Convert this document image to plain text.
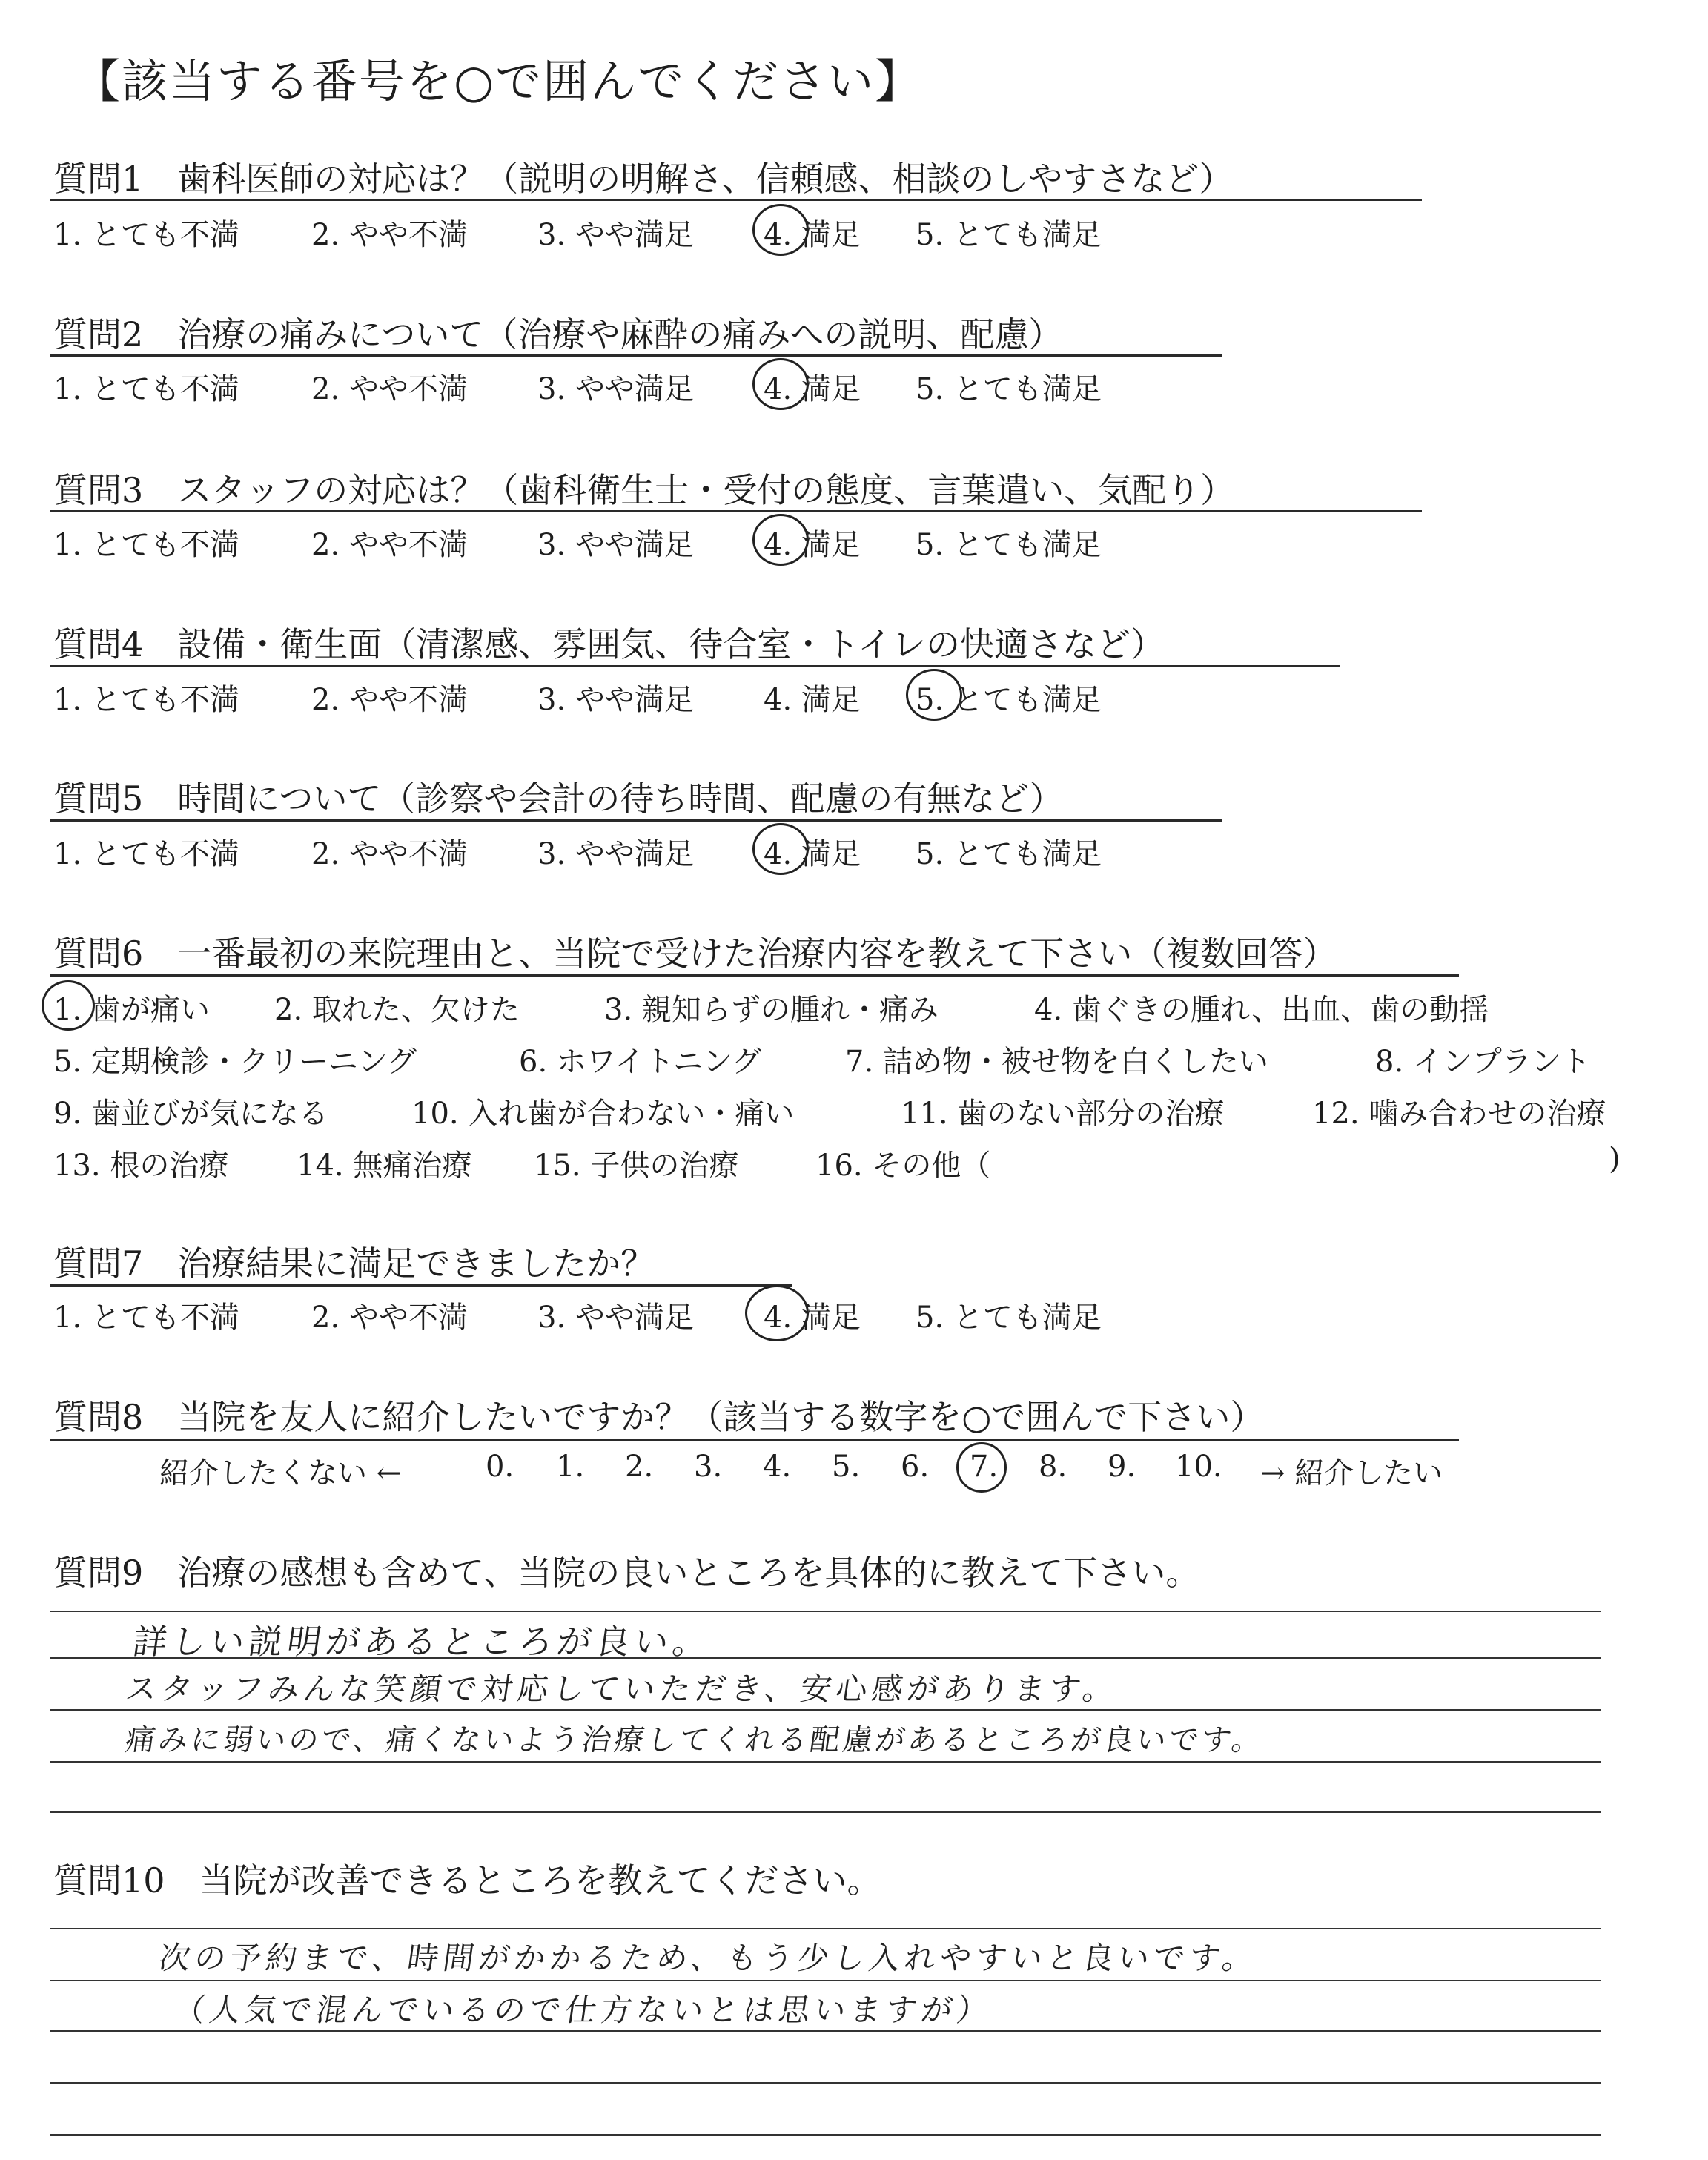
【該当する番号を○で囲んでください】
質問1　歯科医師の対応は？（説明の明解さ、信頼感、相談のしやすさなど）
1. とても不満 2. やや不満 3. やや満足 4. 満足 5. とても満足
質問2　治療の痛みについて（治療や麻酔の痛みへの説明、配慮）
1. とても不満 2. やや不満 3. やや満足 4. 満足 5. とても満足
質問3　スタッフの対応は？（歯科衛生士・受付の態度、言葉遣い、気配り）
1. とても不満 2. やや不満 3. やや満足 4. 満足 5. とても満足
質問4　設備・衛生面（清潔感、雰囲気、待合室・トイレの快適さなど）
1. とても不満 2. やや不満 3. やや満足 4. 満足 5. とても満足
質問5　時間について（診察や会計の待ち時間、配慮の有無など）
1. とても不満 2. やや不満 3. やや満足 4. 満足 5. とても満足
質問6　一番最初の来院理由と、当院で受けた治療内容を教えて下さい（複数回答）
1. 歯が痛い 2. 取れた、欠けた	3. 親知らずの腫れ・痛み	4. 歯ぐきの腫れ、出血、歯の動揺
5. 定期検診・クリーニング	6. ホワイトニング	7. 詰め物・被せ物を白くしたい	8. インプラント
9. 歯並びが気になる	10. 入れ歯が合わない・痛い	11. 歯のない部分の治療	12. 噛み合わせの治療
13. 根の治療 14. 無痛治療 15. 子供の治療	16. その他（	)
質問7　治療結果に満足できましたか？
1. とても不満 2. やや不満 3. やや満足 4. 満足 5. とても満足
質問8　当院を友人に紹介したいですか？（該当する数字を○で囲んで下さい）
紹介したくない ←	0. 1. 2. 3. 4. 5. 6. 7. 8. 9. 10. → 紹介したい
質問9　治療の感想も含めて、当院の良いところを具体的に教えて下さい。
詳しい説明があるところが良い。
スタッフみんな笑顔で対応していただき、安心感があります。
痛みに弱いので、痛くないよう治療してくれる配慮があるところが良いです。
質問10　当院が改善できるところを教えてください。
次の予約まで、時間がかかるため、もう少し入れやすいと良いです。
（人気で混んでいるので仕方ないとは思いますが）
